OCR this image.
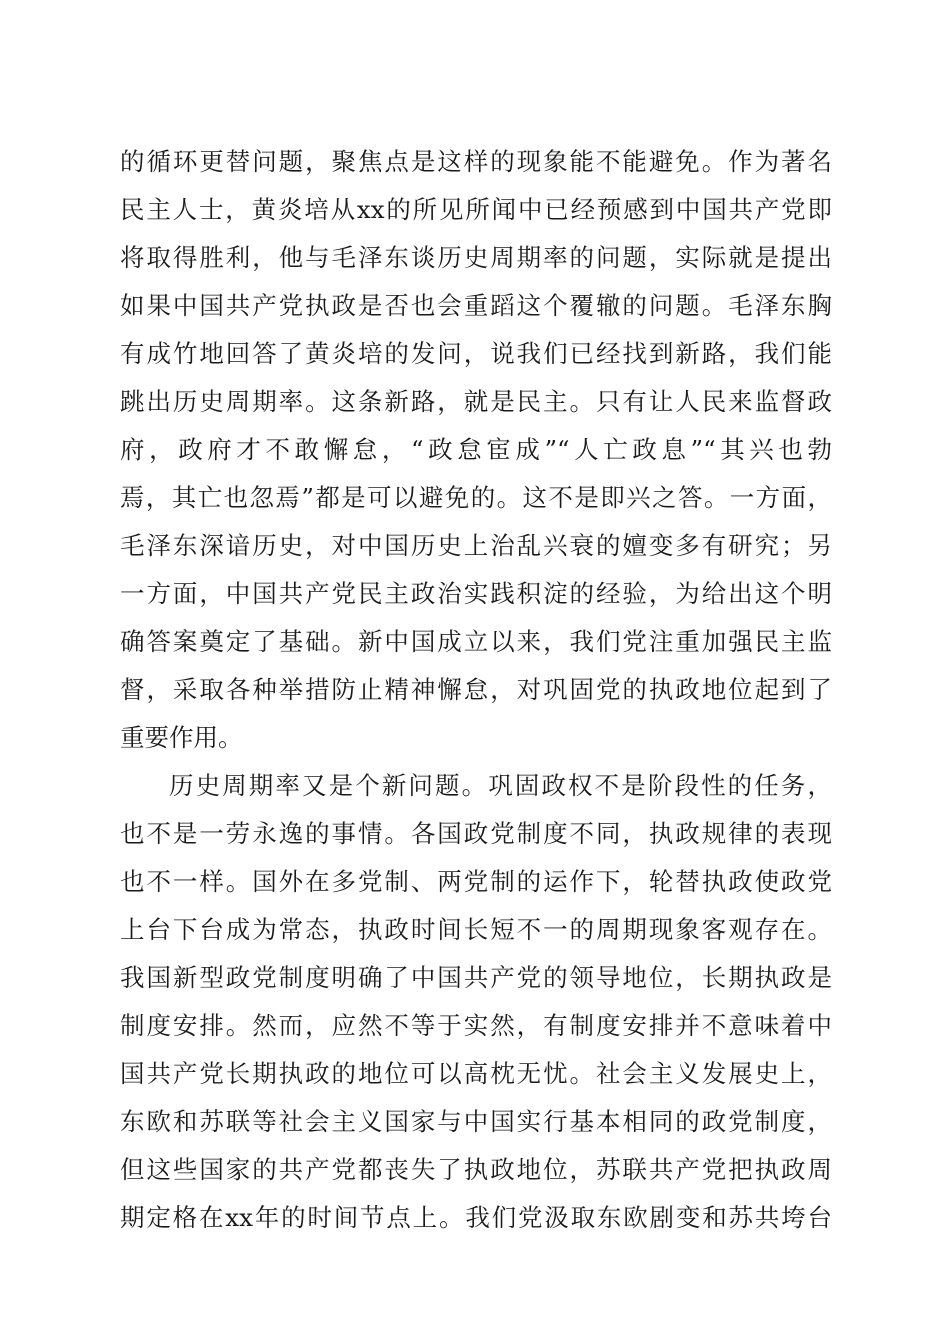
的循环更替问题，聚焦点是这样的现象能不能避免。作为著名
民主人士，黄炎培从xx的所见所闻中已经预感到中国共产党即
将取得胜利，他与毛泽东谈历史周期率的问题，实际就是提出
如果中国共产党执政是否也会重蹈这个覆辙的问题。毛泽东胸
有成竹地回答了黄炎培的发问，说我们已经找到新路，我们能
跳出历史周期率。这条新路，就是民主。只有让人民来监督政
府，政府才不敢懈怠，“政怠宦成”“人亡政息”“其兴也勃
焉，其亡也忽焉”都是可以避免的。这不是即兴之答。一方面，
毛泽东深谙历史，对中国历史上治乱兴衰的嬗变多有研究；另
一方面，中国共产党民主政治实践积淀的经验，为给出这个明
确答案奠定了基础。新中国成立以来，我们党注重加强民主监
督，采取各种举措防止精神懈怠，对巩固党的执政地位起到了
重要作用。
历史周期率又是个新问题。巩固政权不是阶段性的任务，
也不是一劳永逸的事情。各国政党制度不同，执政规律的表现
也不一样。国外在多党制、两党制的运作下，轮替执政使政党
上台下台成为常态，执政时间长短不一的周期现象客观存在。
我国新型政党制度明确了中国共产党的领导地位，长期执政是
制度安排。然而，应然不等于实然，有制度安排并不意味着中
国共产党长期执政的地位可以高枕无忧。社会主义发展史上，
东欧和苏联等社会主义国家与中国实行基本相同的政党制度，
但这些国家的共产党都丧失了执政地位，苏联共产党把执政周
期定格在xx年的时间节点上。我们党汲取东欧剧变和苏共垮台
